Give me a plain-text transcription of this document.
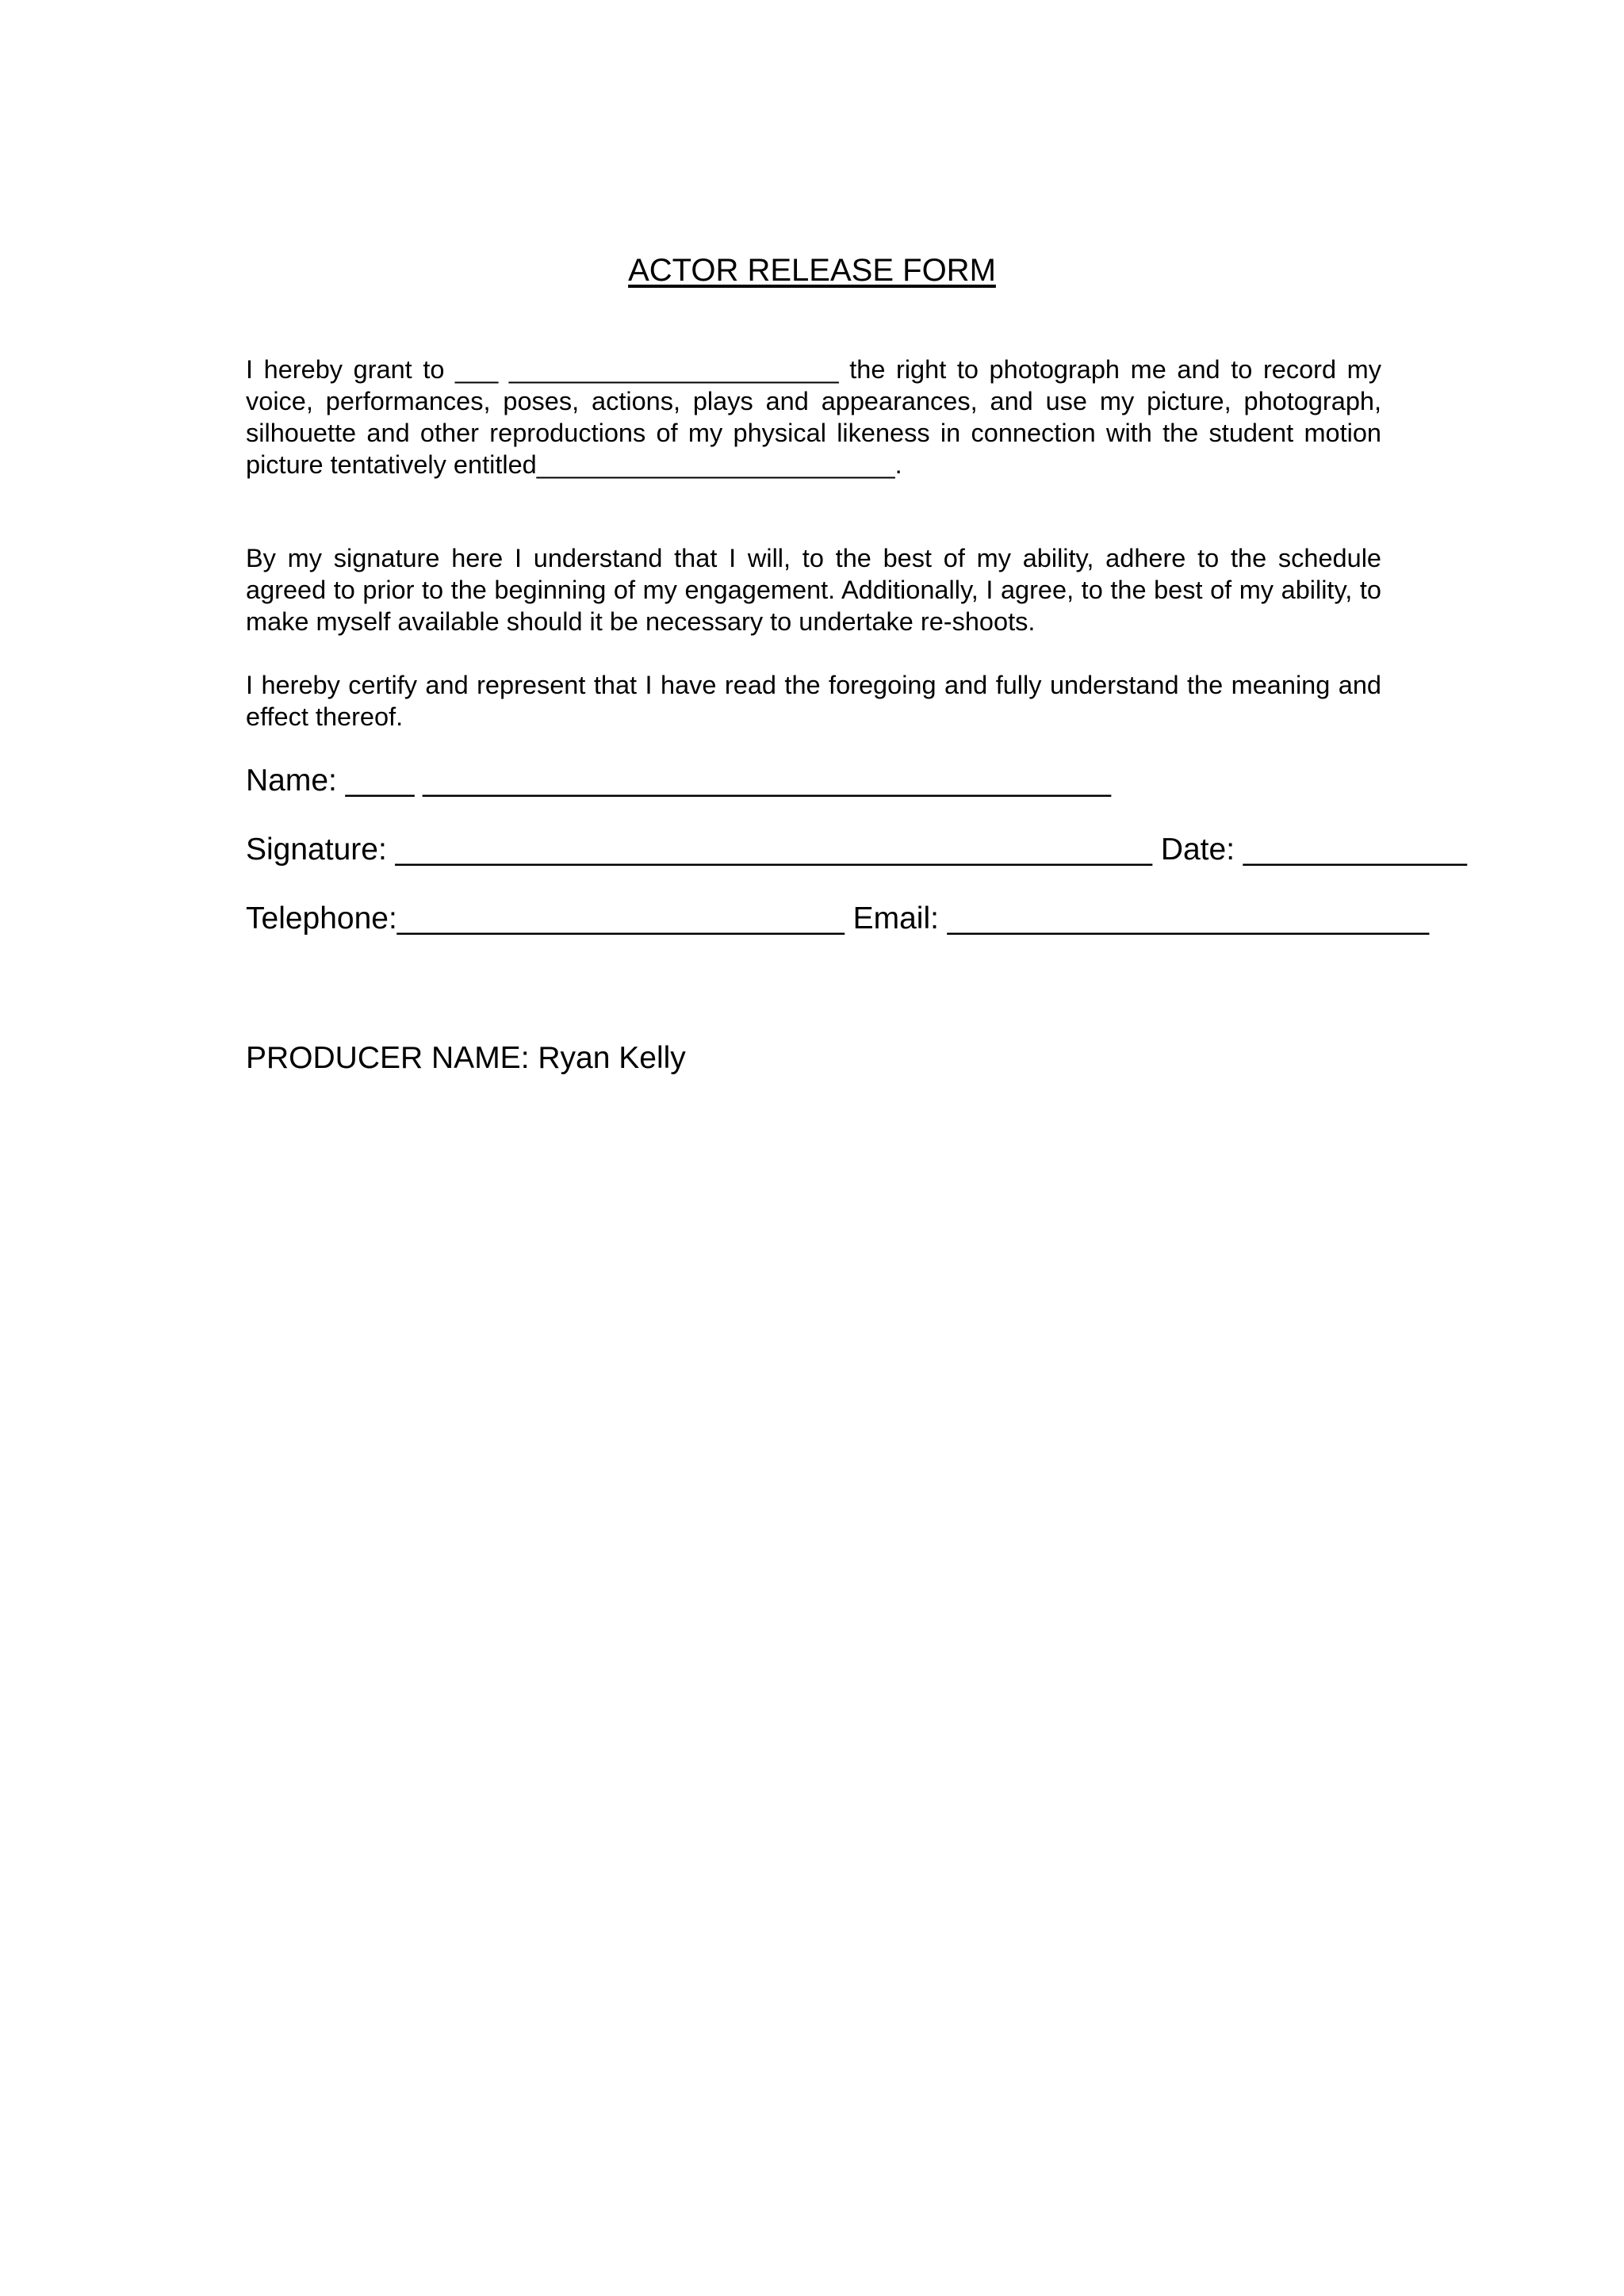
ACTOR RELEASE FORM

I hereby grant to ___ _______________________ the right to photograph me and to record my voice, performances, poses, actions, plays and appearances, and use my picture, photograph, silhouette and other reproductions of my physical likeness in connection with the student motion picture tentatively entitled_________________________.

By my signature here I understand that I will, to the best of my ability, adhere to the schedule agreed to prior to the beginning of my engagement. Additionally, I agree, to the best of my ability, to make myself available should it be necessary to undertake re-shoots.

I hereby certify and represent that I have read the foregoing and fully understand the meaning and effect thereof.

Name: ____ ________________________________________

Signature: ____________________________________________ Date: _____________

Telephone:__________________________ Email: ____________________________

PRODUCER NAME: Ryan Kelly
